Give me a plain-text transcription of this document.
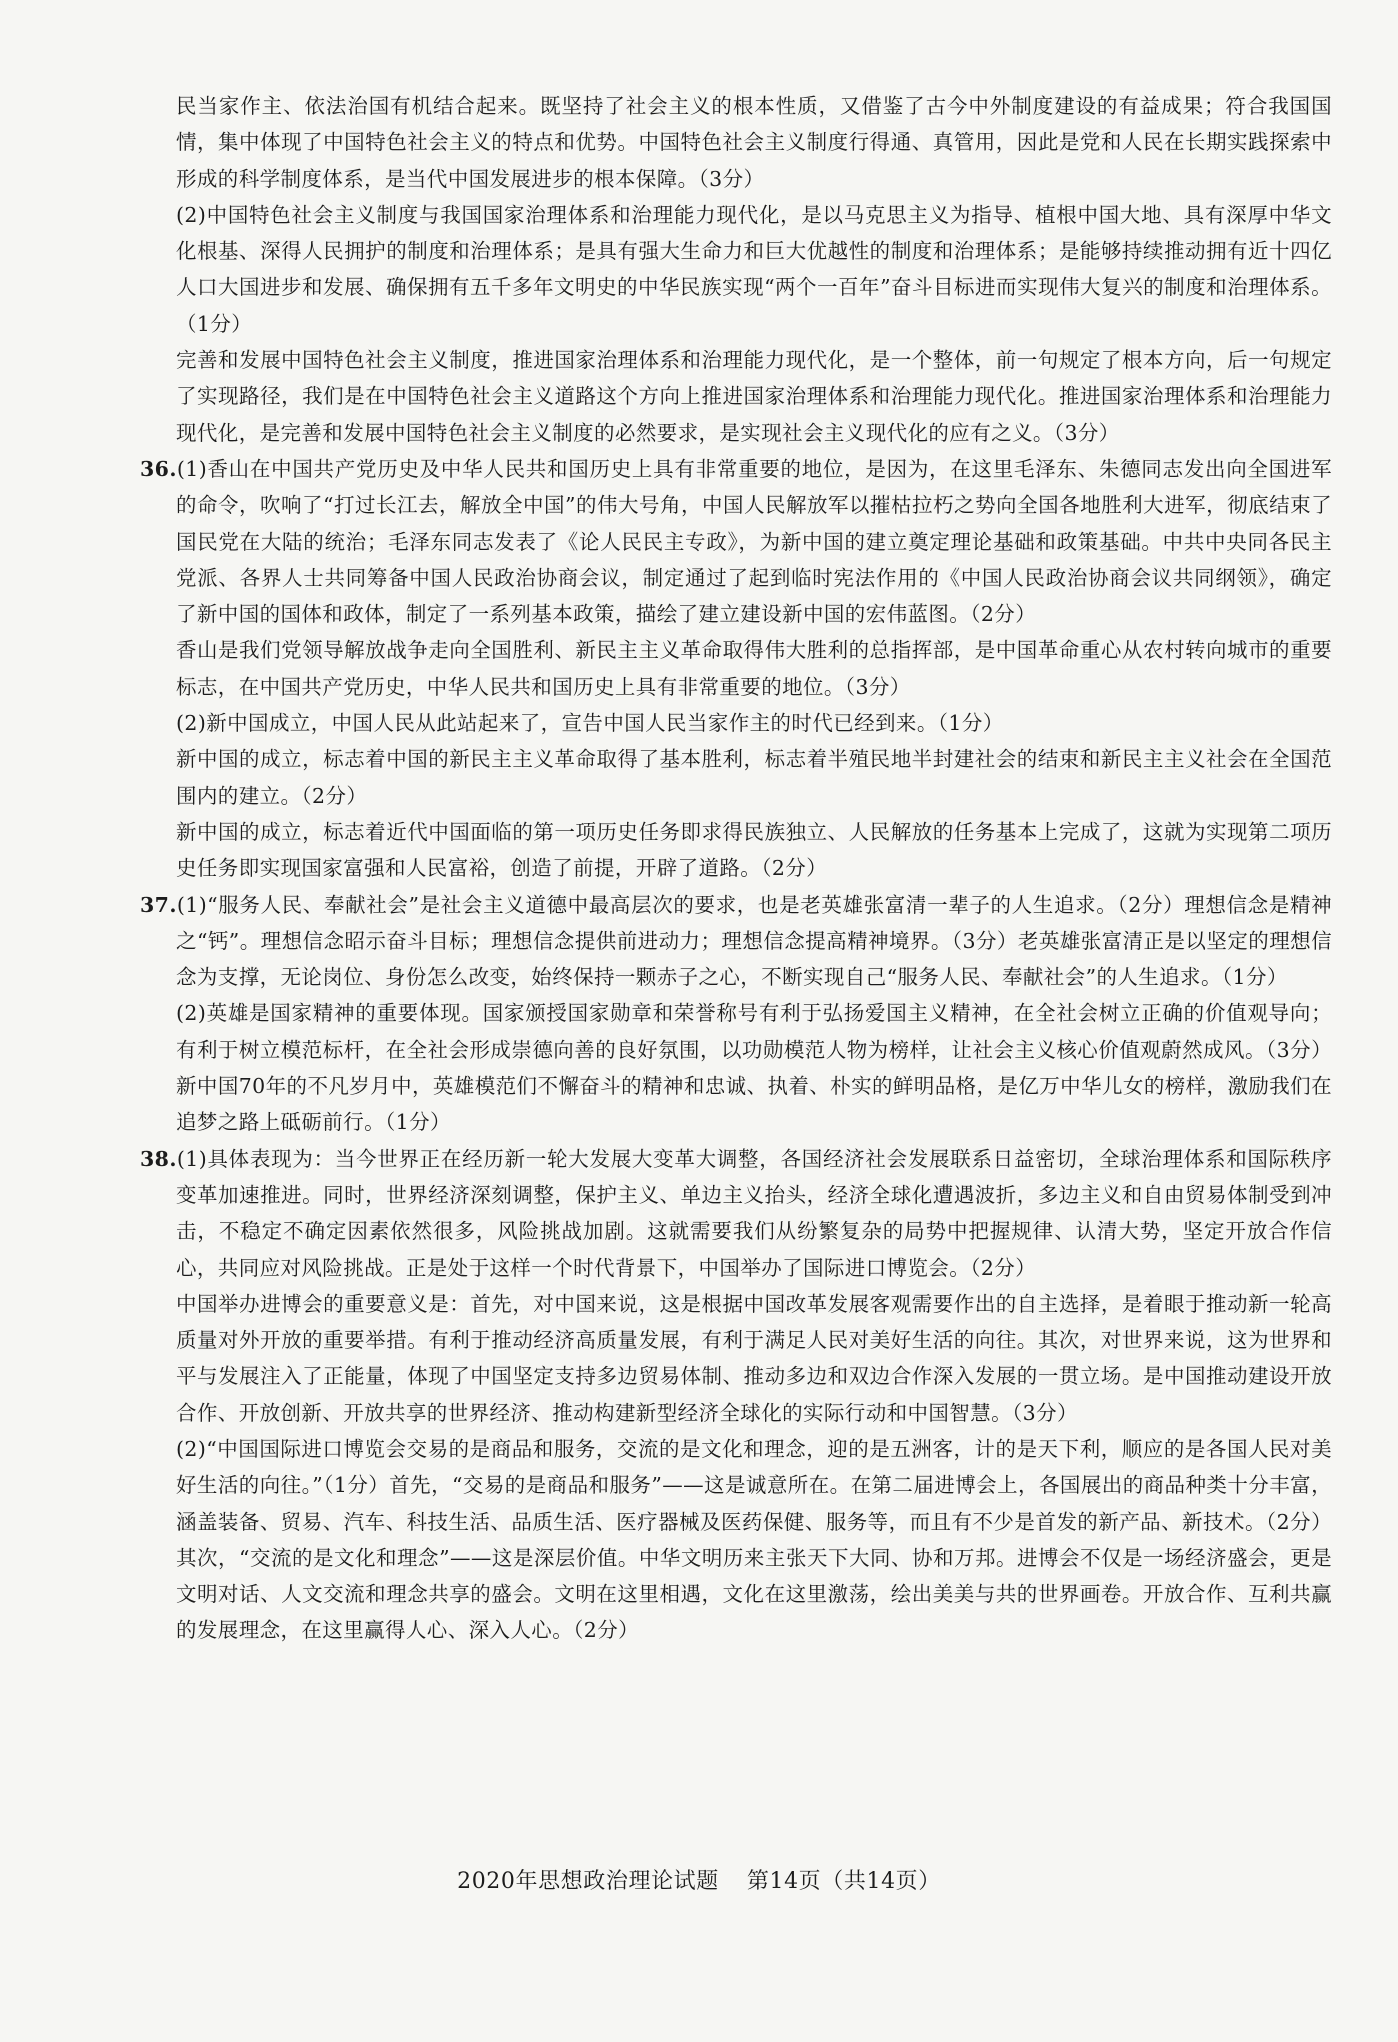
民当家作主、依法治国有机结合起来。既坚持了社会主义的根本性质，又借鉴了古今中外制度建设的有益成果；符合我国国情，集中体现了中国特色社会主义的特点和优势。中国特色社会主义制度行得通、真管用，因此是党和人民在长期实践探索中形成的科学制度体系，是当代中国发展进步的根本保障。（3分）

(2)中国特色社会主义制度与我国国家治理体系和治理能力现代化，是以马克思主义为指导、植根中国大地、具有深厚中华文化根基、深得人民拥护的制度和治理体系；是具有强大生命力和巨大优越性的制度和治理体系；是能够持续推动拥有近十四亿人口大国进步和发展、确保拥有五千多年文明史的中华民族实现“两个一百年”奋斗目标进而实现伟大复兴的制度和治理体系。（1分）

完善和发展中国特色社会主义制度，推进国家治理体系和治理能力现代化，是一个整体，前一句规定了根本方向，后一句规定了实现路径，我们是在中国特色社会主义道路这个方向上推进国家治理体系和治理能力现代化。推进国家治理体系和治理能力现代化，是完善和发展中国特色社会主义制度的必然要求，是实现社会主义现代化的应有之义。（3分）

36.(1)香山在中国共产党历史及中华人民共和国历史上具有非常重要的地位，是因为，在这里毛泽东、朱德同志发出向全国进军的命令，吹响了“打过长江去，解放全中国”的伟大号角，中国人民解放军以摧枯拉朽之势向全国各地胜利大进军，彻底结束了国民党在大陆的统治；毛泽东同志发表了《论人民民主专政》，为新中国的建立奠定理论基础和政策基础。中共中央同各民主党派、各界人士共同筹备中国人民政治协商会议，制定通过了起到临时宪法作用的《中国人民政治协商会议共同纲领》，确定了新中国的国体和政体，制定了一系列基本政策，描绘了建立建设新中国的宏伟蓝图。（2分）

香山是我们党领导解放战争走向全国胜利、新民主主义革命取得伟大胜利的总指挥部，是中国革命重心从农村转向城市的重要标志，在中国共产党历史，中华人民共和国历史上具有非常重要的地位。（3分）

(2)新中国成立，中国人民从此站起来了，宣告中国人民当家作主的时代已经到来。（1分）

新中国的成立，标志着中国的新民主主义革命取得了基本胜利，标志着半殖民地半封建社会的结束和新民主主义社会在全国范围内的建立。（2分）

新中国的成立，标志着近代中国面临的第一项历史任务即求得民族独立、人民解放的任务基本上完成了，这就为实现第二项历史任务即实现国家富强和人民富裕，创造了前提，开辟了道路。（2分）

37.(1)“服务人民、奉献社会”是社会主义道德中最高层次的要求，也是老英雄张富清一辈子的人生追求。（2分）理想信念是精神之“钙”。理想信念昭示奋斗目标；理想信念提供前进动力；理想信念提高精神境界。（3分）老英雄张富清正是以坚定的理想信念为支撑，无论岗位、身份怎么改变，始终保持一颗赤子之心，不断实现自己“服务人民、奉献社会”的人生追求。（1分）

(2)英雄是国家精神的重要体现。国家颁授国家勋章和荣誉称号有利于弘扬爱国主义精神，在全社会树立正确的价值观导向；有利于树立模范标杆，在全社会形成崇德向善的良好氛围，以功勋模范人物为榜样，让社会主义核心价值观蔚然成风。（3分）新中国70年的不凡岁月中，英雄模范们不懈奋斗的精神和忠诚、执着、朴实的鲜明品格，是亿万中华儿女的榜样，激励我们在追梦之路上砥砺前行。（1分）

38.(1)具体表现为：当今世界正在经历新一轮大发展大变革大调整，各国经济社会发展联系日益密切，全球治理体系和国际秩序变革加速推进。同时，世界经济深刻调整，保护主义、单边主义抬头，经济全球化遭遇波折，多边主义和自由贸易体制受到冲击，不稳定不确定因素依然很多，风险挑战加剧。这就需要我们从纷繁复杂的局势中把握规律、认清大势，坚定开放合作信心，共同应对风险挑战。正是处于这样一个时代背景下，中国举办了国际进口博览会。（2分）

中国举办进博会的重要意义是：首先，对中国来说，这是根据中国改革发展客观需要作出的自主选择，是着眼于推动新一轮高质量对外开放的重要举措。有利于推动经济高质量发展，有利于满足人民对美好生活的向往。其次，对世界来说，这为世界和平与发展注入了正能量，体现了中国坚定支持多边贸易体制、推动多边和双边合作深入发展的一贯立场。是中国推动建设开放合作、开放创新、开放共享的世界经济、推动构建新型经济全球化的实际行动和中国智慧。（3分）

(2)“中国国际进口博览会交易的是商品和服务，交流的是文化和理念，迎的是五洲客，计的是天下利，顺应的是各国人民对美好生活的向往。”（1分）首先，“交易的是商品和服务”——这是诚意所在。在第二届进博会上，各国展出的商品种类十分丰富，涵盖装备、贸易、汽车、科技生活、品质生活、医疗器械及医药保健、服务等，而且有不少是首发的新产品、新技术。（2分）其次，“交流的是文化和理念”——这是深层价值。中华文明历来主张天下大同、协和万邦。进博会不仅是一场经济盛会，更是文明对话、人文交流和理念共享的盛会。文明在这里相遇，文化在这里激荡，绘出美美与共的世界画卷。开放合作、互利共赢的发展理念，在这里赢得人心、深入人心。（2分）

2020年思想政治理论试题 第14页（共14页）
